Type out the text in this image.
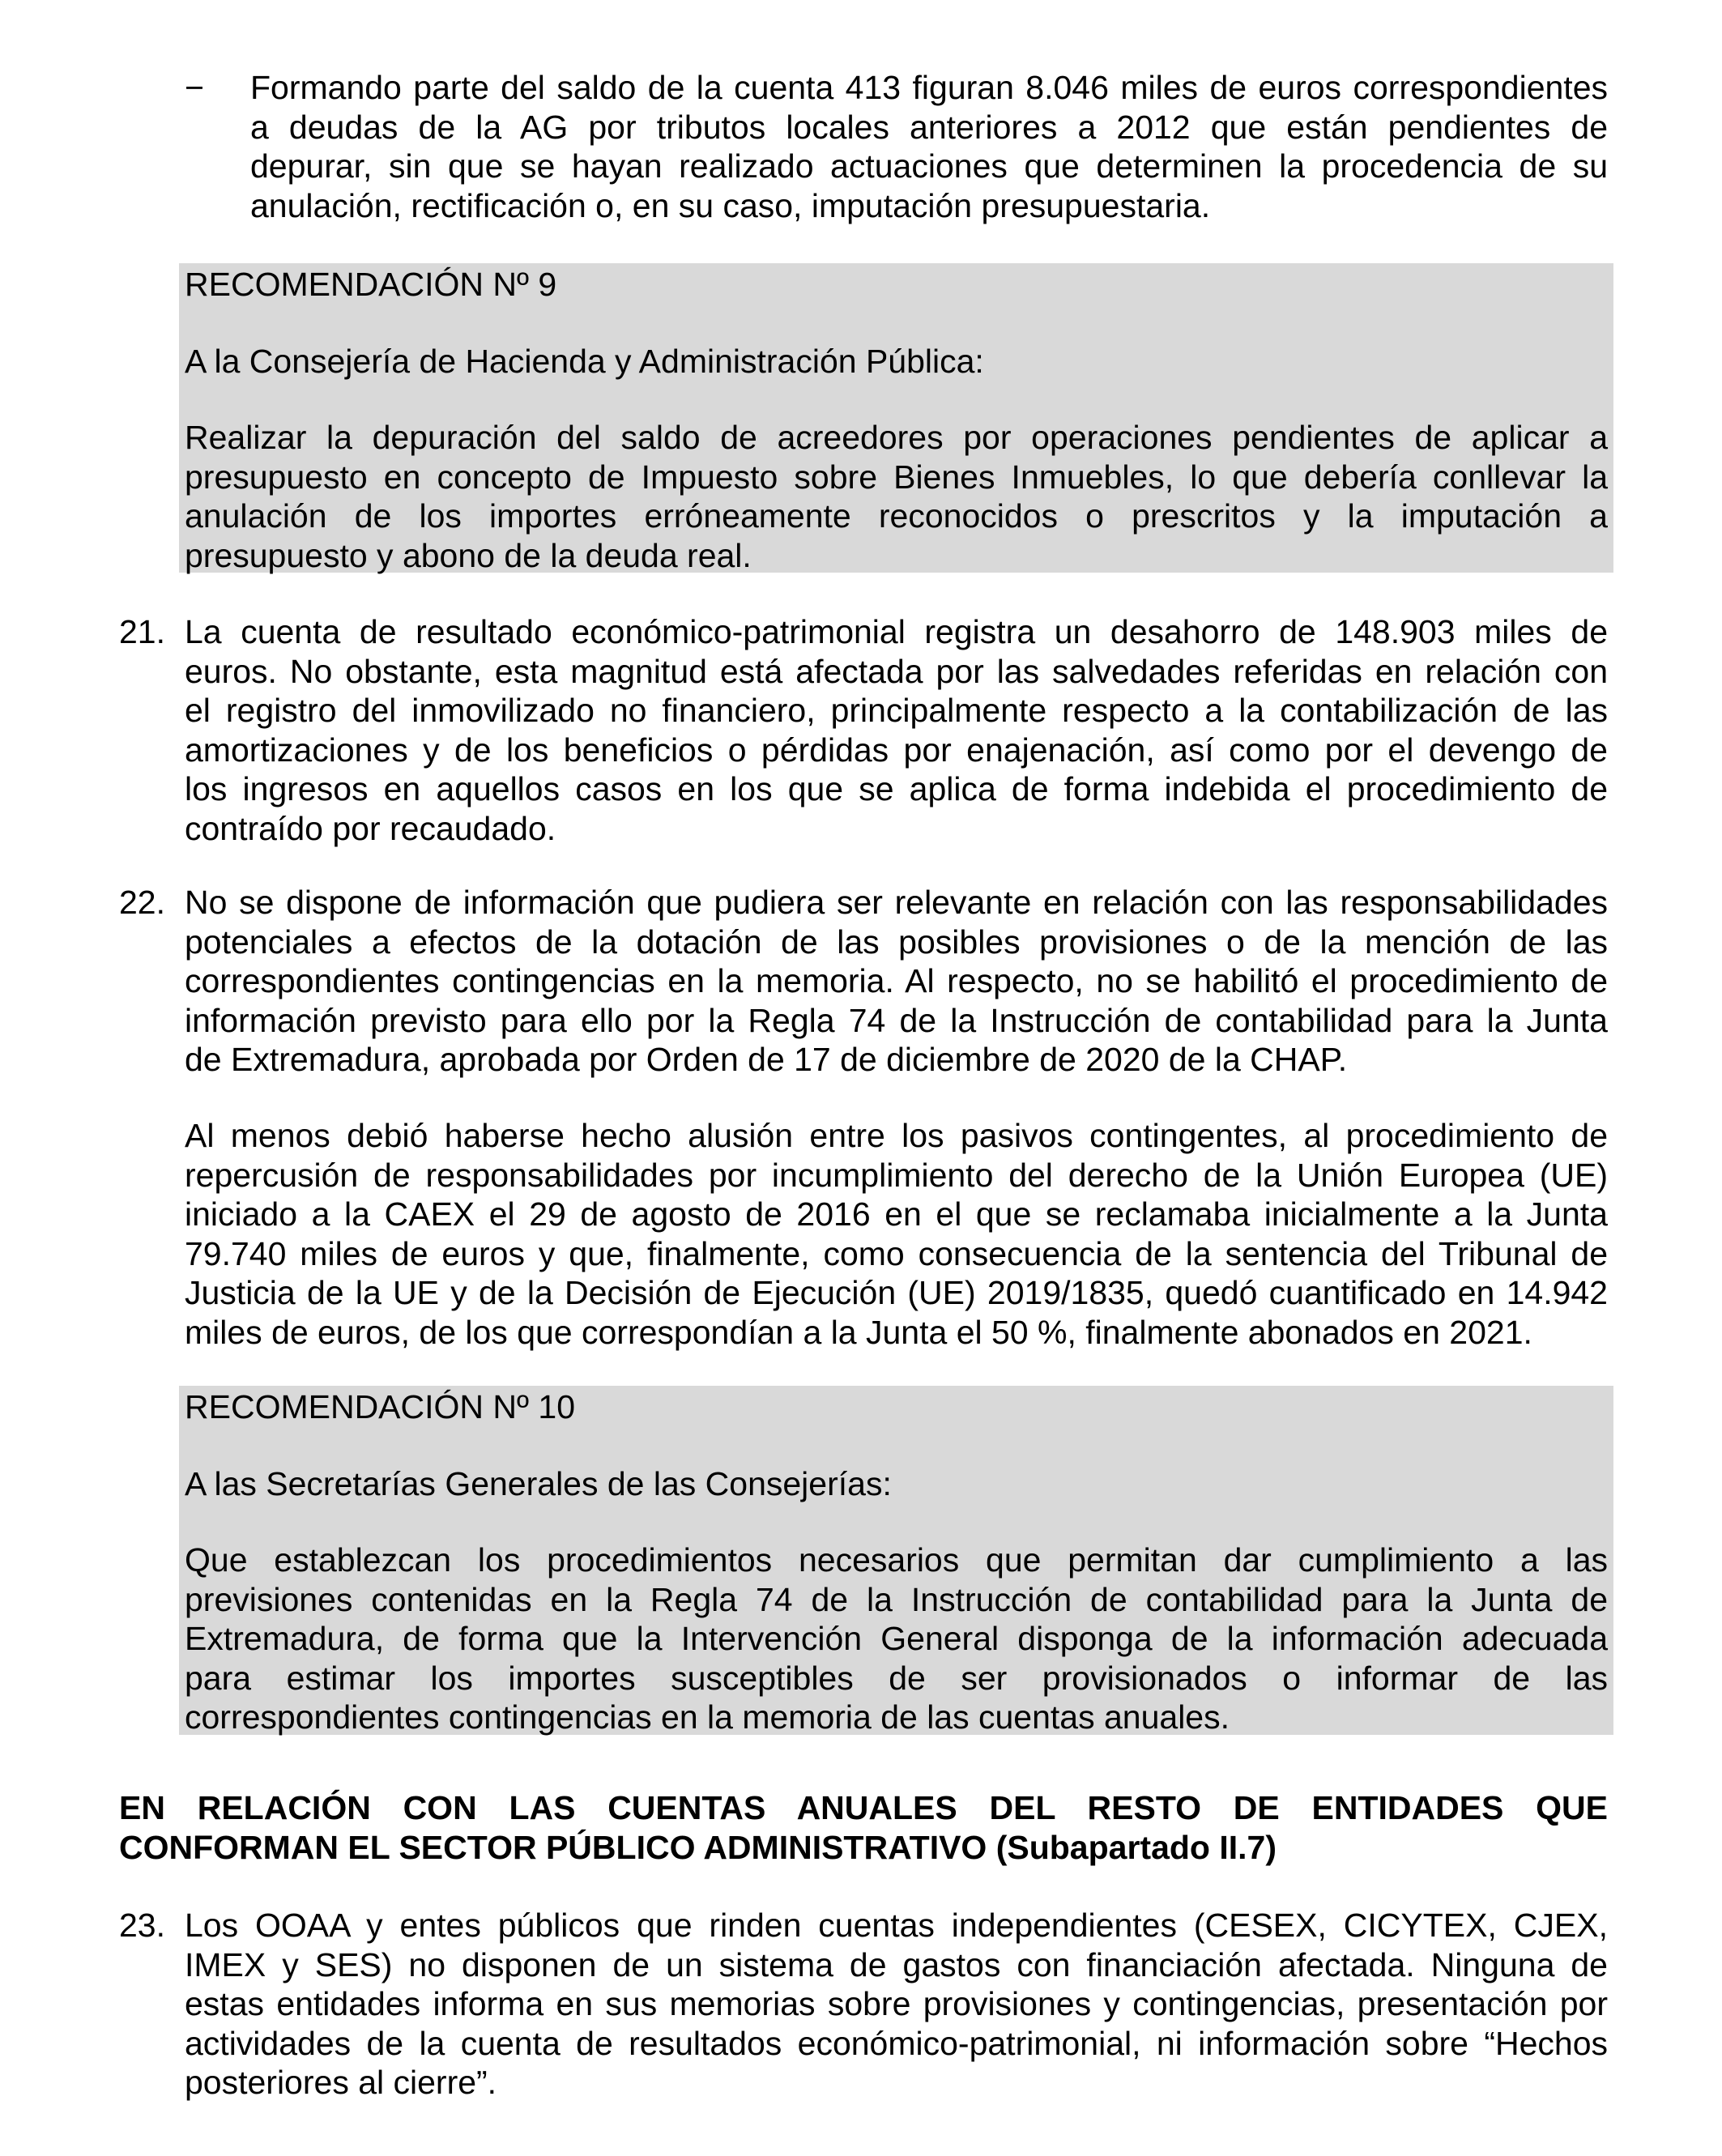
− Formando parte del saldo de la cuenta 413 figuran 8.046 miles de euros correspondientes
a deudas de la AG por tributos locales anteriores a 2012 que están pendientes de
depurar, sin que se hayan realizado actuaciones que determinen la procedencia de su
anulación, rectificación o, en su caso, imputación presupuestaria.

RECOMENDACIÓN Nº 9

A la Consejería de Hacienda y Administración Pública:

Realizar la depuración del saldo de acreedores por operaciones pendientes de aplicar a
presupuesto en concepto de Impuesto sobre Bienes Inmuebles, lo que debería conllevar la
anulación de los importes erróneamente reconocidos o prescritos y la imputación a
presupuesto y abono de la deuda real.
21. La cuenta de resultado económico-patrimonial registra un desahorro de 148.903 miles de
euros. No obstante, esta magnitud está afectada por las salvedades referidas en relación con
el registro del inmovilizado no financiero, principalmente respecto a la contabilización de las
amortizaciones y de los beneficios o pérdidas por enajenación, así como por el devengo de
los ingresos en aquellos casos en los que se aplica de forma indebida el procedimiento de
contraído por recaudado.
22. No se dispone de información que pudiera ser relevante en relación con las responsabilidades
potenciales a efectos de la dotación de las posibles provisiones o de la mención de las
correspondientes contingencias en la memoria. Al respecto, no se habilitó el procedimiento de
información previsto para ello por la Regla 74 de la Instrucción de contabilidad para la Junta
de Extremadura, aprobada por Orden de 17 de diciembre de 2020 de la CHAP.
Al menos debió haberse hecho alusión entre los pasivos contingentes, al procedimiento de
repercusión de responsabilidades por incumplimiento del derecho de la Unión Europea (UE)
iniciado a la CAEX el 29 de agosto de 2016 en el que se reclamaba inicialmente a la Junta
79.740 miles de euros y que, finalmente, como consecuencia de la sentencia del Tribunal de
Justicia de la UE y de la Decisión de Ejecución (UE) 2019/1835, quedó cuantificado en 14.942
miles de euros, de los que correspondían a la Junta el 50 %, finalmente abonados en 2021.

RECOMENDACIÓN Nº 10

A las Secretarías Generales de las Consejerías:

Que establezcan los procedimientos necesarios que permitan dar cumplimiento a las
previsiones contenidas en la Regla 74 de la Instrucción de contabilidad para la Junta de
Extremadura, de forma que la Intervención General disponga de la información adecuada
para estimar los importes susceptibles de ser provisionados o informar de las
correspondientes contingencias en la memoria de las cuentas anuales.
EN RELACIÓN CON LAS CUENTAS ANUALES DEL RESTO DE ENTIDADES QUE
CONFORMAN EL SECTOR PÚBLICO ADMINISTRATIVO (Subapartado II.7)
23. Los OOAA y entes públicos que rinden cuentas independientes (CESEX, CICYTEX, CJEX,
IMEX y SES) no disponen de un sistema de gastos con financiación afectada. Ninguna de
estas entidades informa en sus memorias sobre provisiones y contingencias, presentación por
actividades de la cuenta de resultados económico-patrimonial, ni información sobre “Hechos
posteriores al cierre”.
